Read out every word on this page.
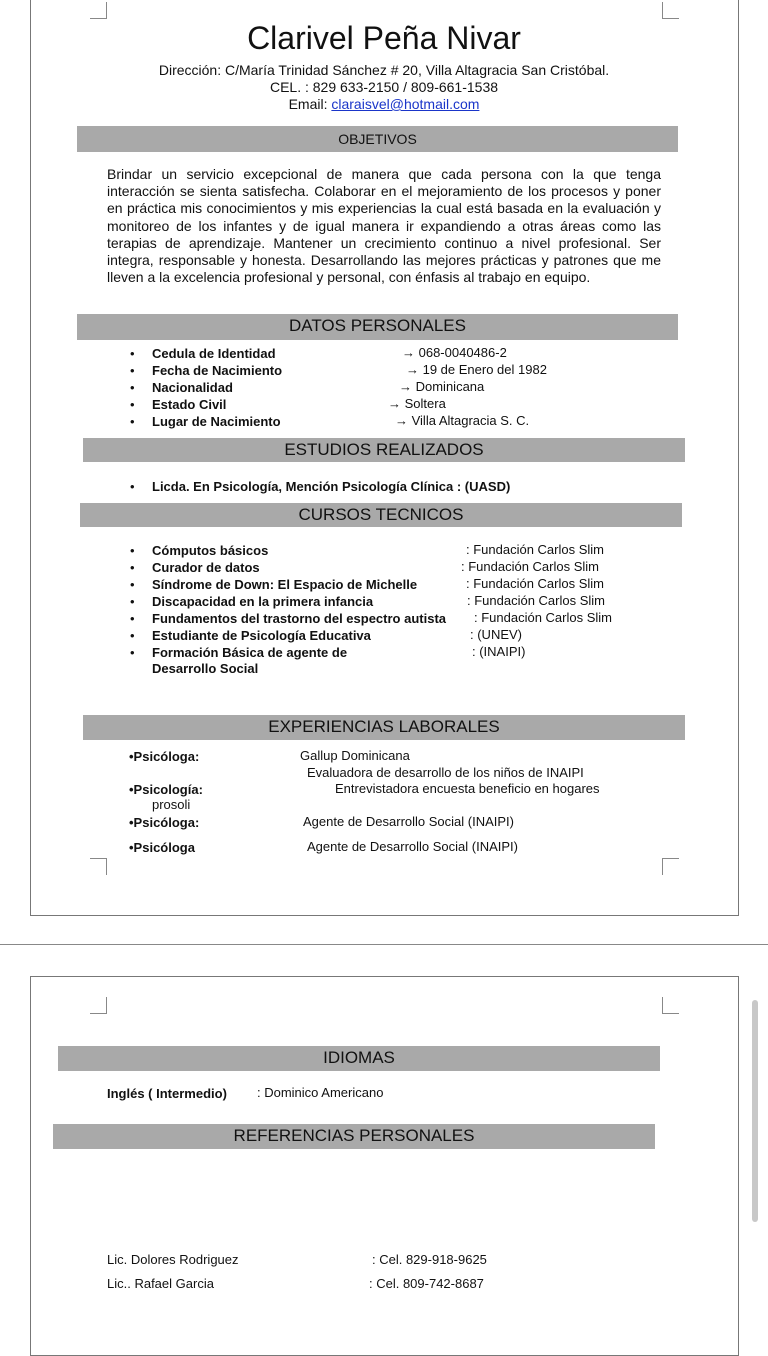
Clarivel Peña Nivar
Dirección: C/María Trinidad Sánchez # 20, Villa Altagracia San Cristóbal.
CEL. : 829 633-2150 / 809-661-1538
Email: claraisvel@hotmail.com
OBJETIVOS
Brindar un servicio excepcional de manera que cada persona con la que tenga interacción se sienta satisfecha. Colaborar en el mejoramiento de los procesos y poner en práctica mis conocimientos y mis experiencias la cual está basada en la evaluación y monitoreo de los infantes y de igual manera ir expandiendo a otras áreas como las terapias de aprendizaje. Mantener un crecimiento continuo a nivel profesional. Ser integra, responsable y honesta. Desarrollando las mejores prácticas y patrones que me lleven a la excelencia profesional y personal, con énfasis al trabajo en equipo.
DATOS PERSONALES
• Cedula de Identidad	→ 068-0040486-2
• Fecha de Nacimiento	→ 19 de Enero del 1982
• Nacionalidad	→ Dominicana
• Estado Civil	→ Soltera
• Lugar de Nacimiento	→ Villa Altagracia S. C.
ESTUDIOS REALIZADOS
• Licda. En Psicología, Mención Psicología Clínica : (UASD)
CURSOS TECNICOS
• Cómputos básicos	: Fundación Carlos Slim
• Curador de datos	: Fundación Carlos Slim
• Síndrome de Down: El Espacio de Michelle	: Fundación Carlos Slim
• Discapacidad en la primera infancia	: Fundación Carlos Slim
• Fundamentos del trastorno del espectro autista : Fundación Carlos Slim
• Estudiante de Psicología Educativa	: (UNEV)
• Formación Básica de agente de
Desarrollo Social
: (INAIPI)
EXPERIENCIAS LABORALES
•Psicóloga:	Gallup Dominicana
Evaluadora de desarrollo de los niños de INAIPI
•Psicología:	Entrevistadora encuesta beneficio en hogares
prosoli
•Psicóloga:	Agente de Desarrollo Social (INAIPI)
•Psicóloga	Agente de Desarrollo Social (INAIPI)
IDIOMAS
Inglés ( Intermedio) : Dominico Americano
REFERENCIAS PERSONALES
Lic. Dolores Rodriguez	: Cel. 829-918-9625
Lic.. Rafael Garcia	: Cel. 809-742-8687
